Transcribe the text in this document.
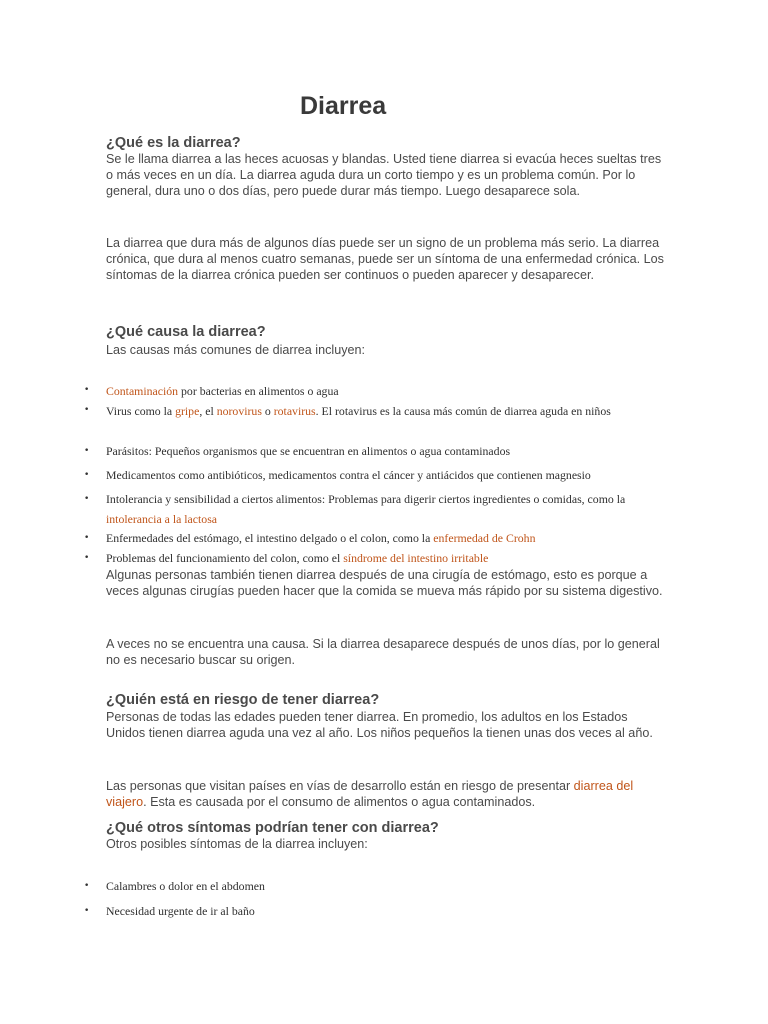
Diarrea
¿Qué es la diarrea?

Se le llama diarrea a las heces acuosas y blandas. Usted tiene diarrea si evacúa heces sueltas tres o más veces en un día. La diarrea aguda dura un corto tiempo y es un problema común. Por lo general, dura uno o dos días, pero puede durar más tiempo. Luego desaparece sola.

La diarrea que dura más de algunos días puede ser un signo de un problema más serio. La diarrea crónica, que dura al menos cuatro semanas, puede ser un síntoma de una enfermedad crónica. Los síntomas de la diarrea crónica pueden ser continuos o pueden aparecer y desaparecer.

¿Qué causa la diarrea?

Las causas más comunes de diarrea incluyen:

• Contaminación por bacterias en alimentos o agua

• Virus como la gripe, el norovirus o rotavirus. El rotavirus es la causa más común de diarrea aguda en niños

• Parásitos: Pequeños organismos que se encuentran en alimentos o agua contaminados

• Medicamentos como antibióticos, medicamentos contra el cáncer y antiácidos que contienen magnesio

• Intolerancia y sensibilidad a ciertos alimentos: Problemas para digerir ciertos ingredientes o comidas, como la intolerancia a la lactosa

• Enfermedades del estómago, el intestino delgado o el colon, como la enfermedad de Crohn

• Problemas del funcionamiento del colon, como el síndrome del intestino irritable

Algunas personas también tienen diarrea después de una cirugía de estómago, esto es porque a veces algunas cirugías pueden hacer que la comida se mueva más rápido por su sistema digestivo.

A veces no se encuentra una causa. Si la diarrea desaparece después de unos días, por lo general no es necesario buscar su origen.

¿Quién está en riesgo de tener diarrea?

Personas de todas las edades pueden tener diarrea. En promedio, los adultos en los Estados Unidos tienen diarrea aguda una vez al año. Los niños pequeños la tienen unas dos veces al año.

Las personas que visitan países en vías de desarrollo están en riesgo de presentar diarrea del viajero. Esta es causada por el consumo de alimentos o agua contaminados.

¿Qué otros síntomas podrían tener con diarrea?

Otros posibles síntomas de la diarrea incluyen:

• Calambres o dolor en el abdomen

• Necesidad urgente de ir al baño
